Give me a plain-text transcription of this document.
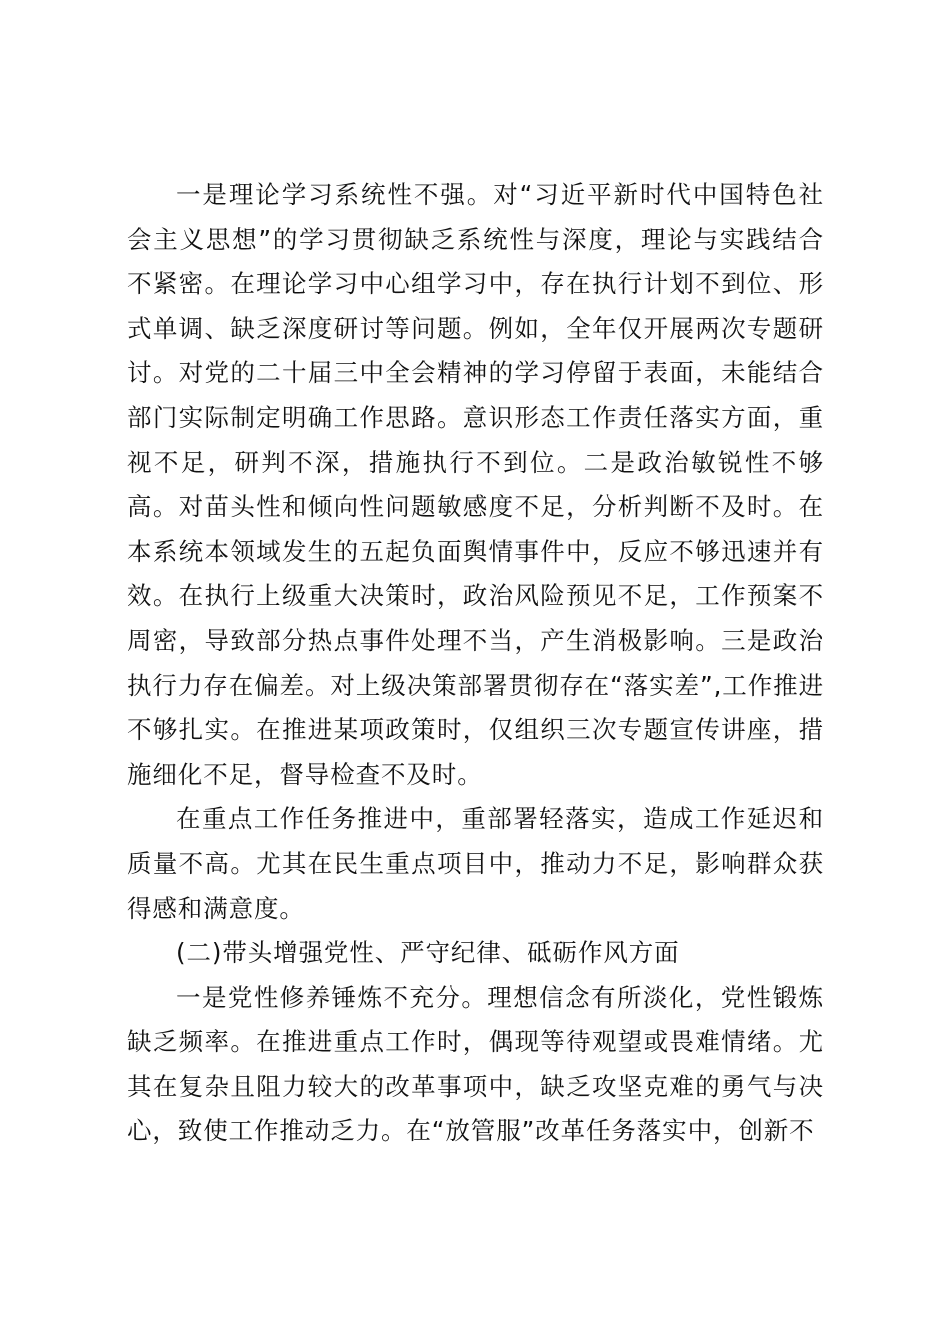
一是理论学习系统性不强。对“习近平新时代中国特色社会主义思想”的学习贯彻缺乏系统性与深度，理论与实践结合不紧密。在理论学习中心组学习中，存在执行计划不到位、形式单调、缺乏深度研讨等问题。例如，全年仅开展两次专题研讨。对党的二十届三中全会精神的学习停留于表面，未能结合部门实际制定明确工作思路。意识形态工作责任落实方面，重视不足，研判不深，措施执行不到位。二是政治敏锐性不够高。对苗头性和倾向性问题敏感度不足，分析判断不及时。在本系统本领域发生的五起负面舆情事件中，反应不够迅速并有效。在执行上级重大决策时，政治风险预见不足，工作预案不周密，导致部分热点事件处理不当，产生消极影响。三是政治执行力存在偏差。对上级决策部署贯彻存在“落实差”,工作推进不够扎实。在推进某项政策时，仅组织三次专题宣传讲座，措施细化不足，督导检查不及时。

在重点工作任务推进中，重部署轻落实，造成工作延迟和质量不高。尤其在民生重点项目中，推动力不足，影响群众获得感和满意度。

(二)带头增强党性、严守纪律、砥砺作风方面

一是党性修养锤炼不充分。理想信念有所淡化，党性锻炼缺乏频率。在推进重点工作时，偶现等待观望或畏难情绪。尤其在复杂且阻力较大的改革事项中，缺乏攻坚克难的勇气与决心，致使工作推动乏力。在“放管服”改革任务落实中，创新不
